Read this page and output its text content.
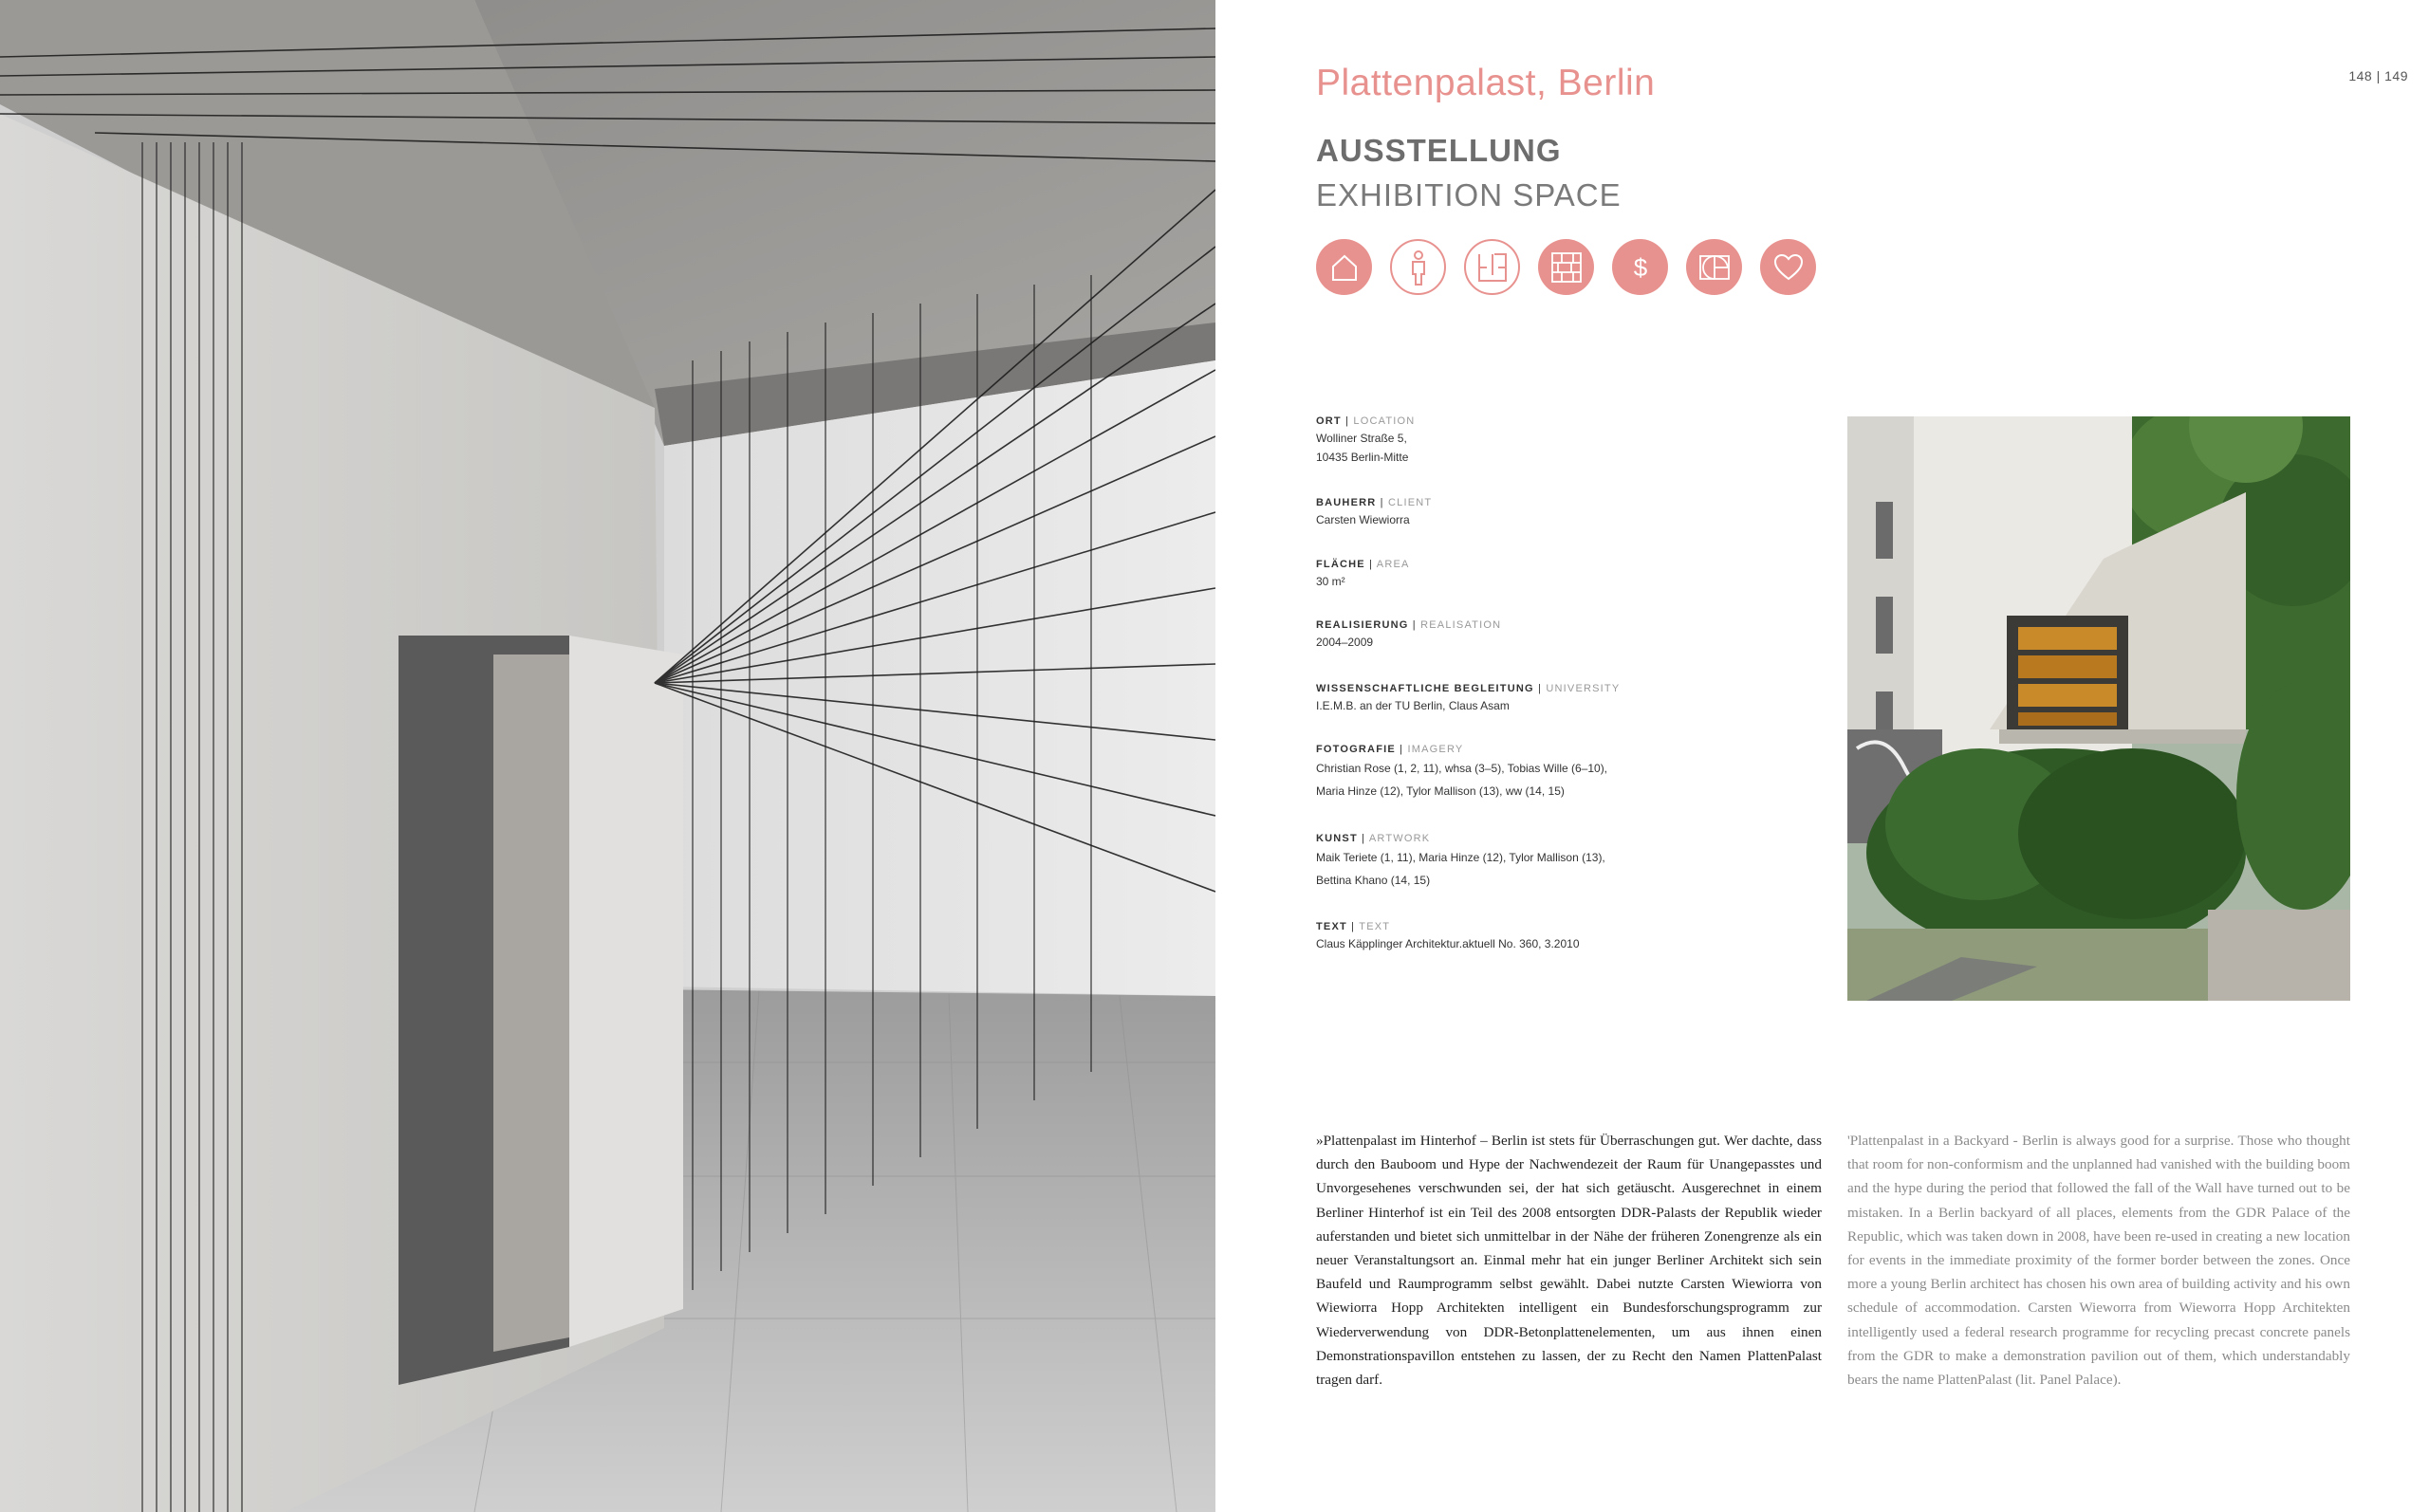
148 | 149
Plattenpalast, Berlin
AUSSTELLUNG
EXHIBITION SPACE
$
ORT | LOCATION
Wolliner Straße 5,
10435 Berlin-Mitte
BAUHERR | CLIENT
Carsten Wiewiorra
FLÄCHE | AREA
30 m²
REALISIERUNG | REALISATION
2004–2009
WISSENSCHAFTLICHE BEGLEITUNG | UNIVERSITY
I.E.M.B. an der TU Berlin, Claus Asam
FOTOGRAFIE | IMAGERY
Christian Rose (1, 2, 11), whsa (3–5), Tobias Wille (6–10),
Maria Hinze (12), Tylor Mallison (13), ww (14, 15)
KUNST | ARTWORK
Maik Teriete (1, 11), Maria Hinze (12), Tylor Mallison (13),
Bettina Khano (14, 15)
TEXT | TEXT
Claus Käpplinger Architektur.aktuell No. 360, 3.2010
»Plattenpalast im Hinterhof – Berlin ist stets für Überraschungen gut. Wer dachte, dass durch den Bauboom und Hype der Nachwendezeit der Raum für Unangepasstes und Unvorgesehenes verschwunden sei, der hat sich getäuscht. Ausgerechnet in einem Berliner Hinterhof ist ein Teil des 2008 entsorgten DDR-Palasts der Republik wieder auferstanden und bietet sich unmittelbar in der Nähe der früheren Zonengrenze als ein neuer Veranstaltungsort an. Einmal mehr hat ein junger Berliner Architekt sich sein Baufeld und Raumprogramm selbst gewählt. Dabei nutzte Carsten Wiewiorra von Wiewiorra Hopp Architekten intelligent ein Bundesforschungsprogramm zur Wiederverwendung von DDR-Betonplattenelementen, um aus ihnen einen Demonstrationspavillon entstehen zu lassen, der zu Recht den Namen PlattenPalast tragen darf.
'Plattenpalast in a Backyard - Berlin is always good for a surprise. Those who thought that room for non-conformism and the unplanned had vanished with the building boom and the hype during the period that followed the fall of the Wall have turned out to be mistaken. In a Berlin backyard of all places, elements from the GDR Palace of the Republic, which was taken down in 2008, have been re-used in creating a new location for events in the immediate proximity of the former border between the zones. Once more a young Berlin architect has chosen his own area of building activity and his own schedule of accommodation. Carsten Wieworra from Wieworra Hopp Architekten intelligently used a federal research programme for recycling precast concrete panels from the GDR to make a demonstration pavilion out of them, which understandably bears the name PlattenPalast (lit. Panel Palace).
